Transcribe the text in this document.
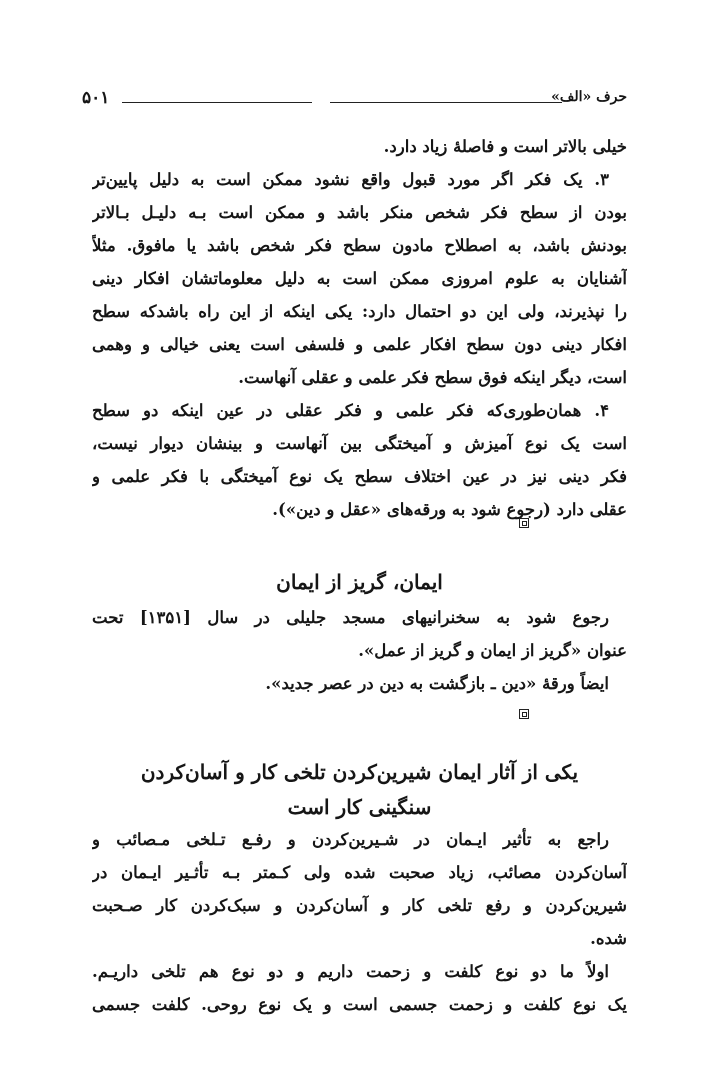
۵۰۱	حرف «الف»
خیلی بالاتر است و فاصلهٔ زیاد دارد.
۳. یک فکر اگر مورد قبول واقع نشود ممکن است به دلیل پایین‌تر
بودن از سطح فکر شخص منکر باشد و ممکن است بـه دلیـل بـالاتر
بودنش باشد، به اصطلاح مادون سطح فکر شخص باشد یا مافوق. مثلاً
آشنایان به علوم امروزی ممکن است به دلیل معلوماتشان افکار دینی
را نپذیرند، ولی این دو احتمال دارد: یکی اینکه از این راه باشدکه سطح
افکار دینی دون سطح افکار علمی و فلسفی است یعنی خیالی و وهمی
است، دیگر اینکه فوق سطح فکر علمی و عقلی آنهاست.
۴. همان‌طوری‌که فکر علمی و فکر عقلی در عین اینکه دو سطح
است یک نوع آمیزش و آمیختگی بین آنهاست و بینشان دیوار نیست،
فکر دینی نیز در عین اختلاف سطح یک نوع آمیختگی با فکر علمی و
عقلی دارد (رجوع شود به ورقه‌های «عقل و دین»).
ایمان، گریز از ایمان
رجوع شود به سخنرانیهای مسجد جلیلی در سال [۱۳۵۱] تحت
عنوان «گریز از ایمان و گریز از عمل».
ایضاً ورقهٔ «دین ـ بازگشت به دین در عصر جدید».
یکی از آثار ایمان شیرین‌کردن تلخی کار و آسان‌کردن
سنگینی کار است
راجع به تأثیر ایـمان در شـیرین‌کردن و رفـع تـلخی مـصائب و
آسان‌کردن مصائب، زیاد صحبت شده ولی کـمتر بـه تأثـیر ایـمان در
شیرین‌کردن و رفع تلخی کار و آسان‌کردن و سبک‌کردن کار صـحبت
شده.
اولاً ما دو نوع کلفت و زحمت داریم و دو نوع هم تلخی داریـم.
یک نوع کلفت و زحمت جسمی است و یک نوع روحی. کلفت جسمی
